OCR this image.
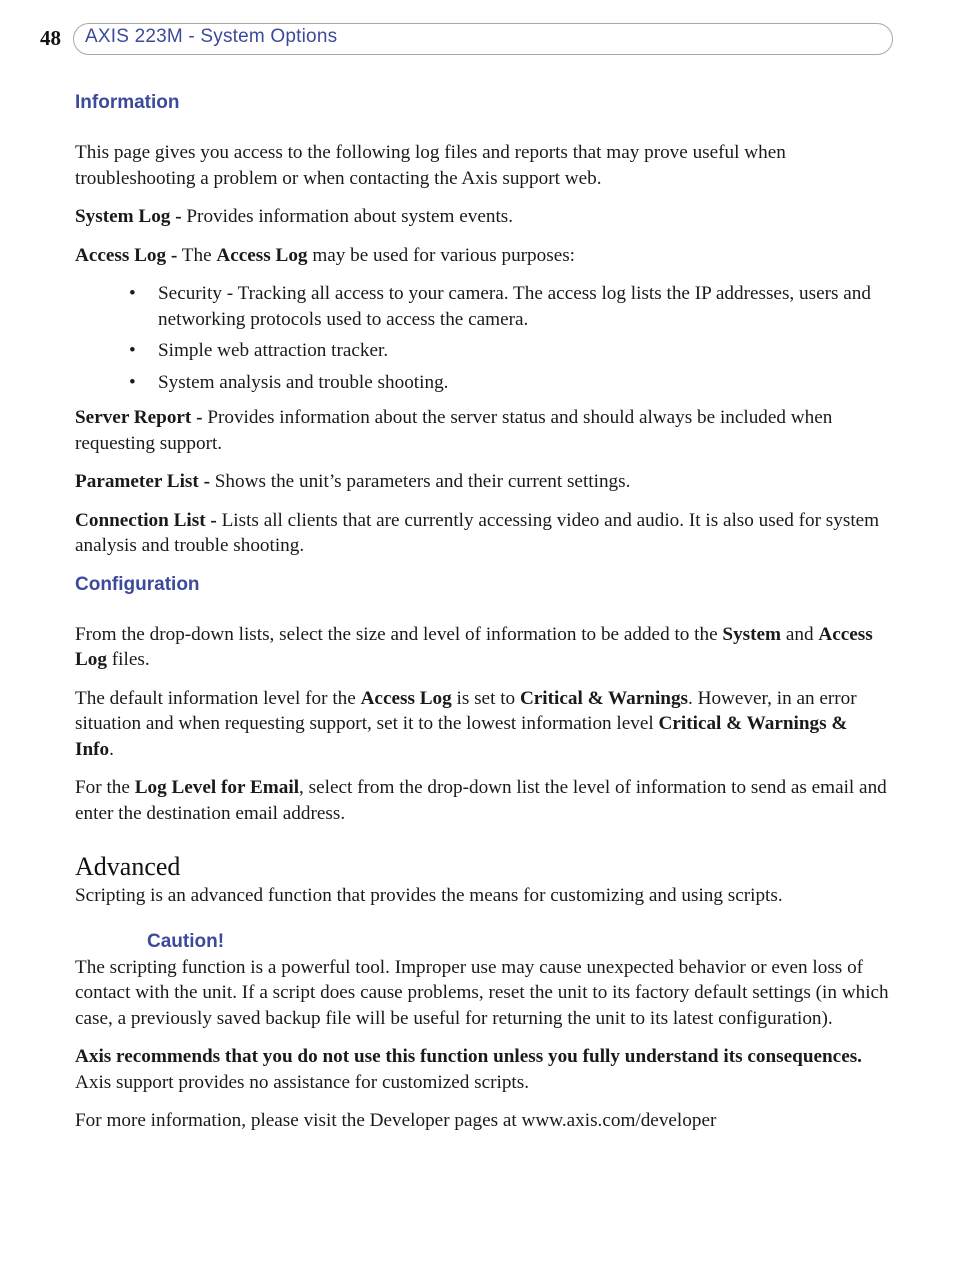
48 AXIS 223M - System Options
Information

This page gives you access to the following log files and reports that may prove useful when troubleshooting a problem or when contacting the Axis support web.

System Log - Provides information about system events.

Access Log - The Access Log may be used for various purposes:

• Security - Tracking all access to your camera. The access log lists the IP addresses, users and networking protocols used to access the camera.
• Simple web attraction tracker.
• System analysis and trouble shooting.

Server Report - Provides information about the server status and should always be included when requesting support.

Parameter List - Shows the unit’s parameters and their current settings.

Connection List - Lists all clients that are currently accessing video and audio. It is also used for system analysis and trouble shooting.

Configuration

From the drop-down lists, select the size and level of information to be added to the System and Access Log files.

The default information level for the Access Log is set to Critical & Warnings. However, in an error situation and when requesting support, set it to the lowest information level Critical & Warnings & Info.

For the Log Level for Email, select from the drop-down list the level of information to send as email and enter the destination email address.

Advanced

Scripting is an advanced function that provides the means for customizing and using scripts.

Caution!

The scripting function is a powerful tool. Improper use may cause unexpected behavior or even loss of contact with the unit. If a script does cause problems, reset the unit to its factory default settings (in which case, a previously saved backup file will be useful for returning the unit to its latest configuration).

Axis recommends that you do not use this function unless you fully understand its consequences. Axis support provides no assistance for customized scripts.

For more information, please visit the Developer pages at www.axis.com/developer
